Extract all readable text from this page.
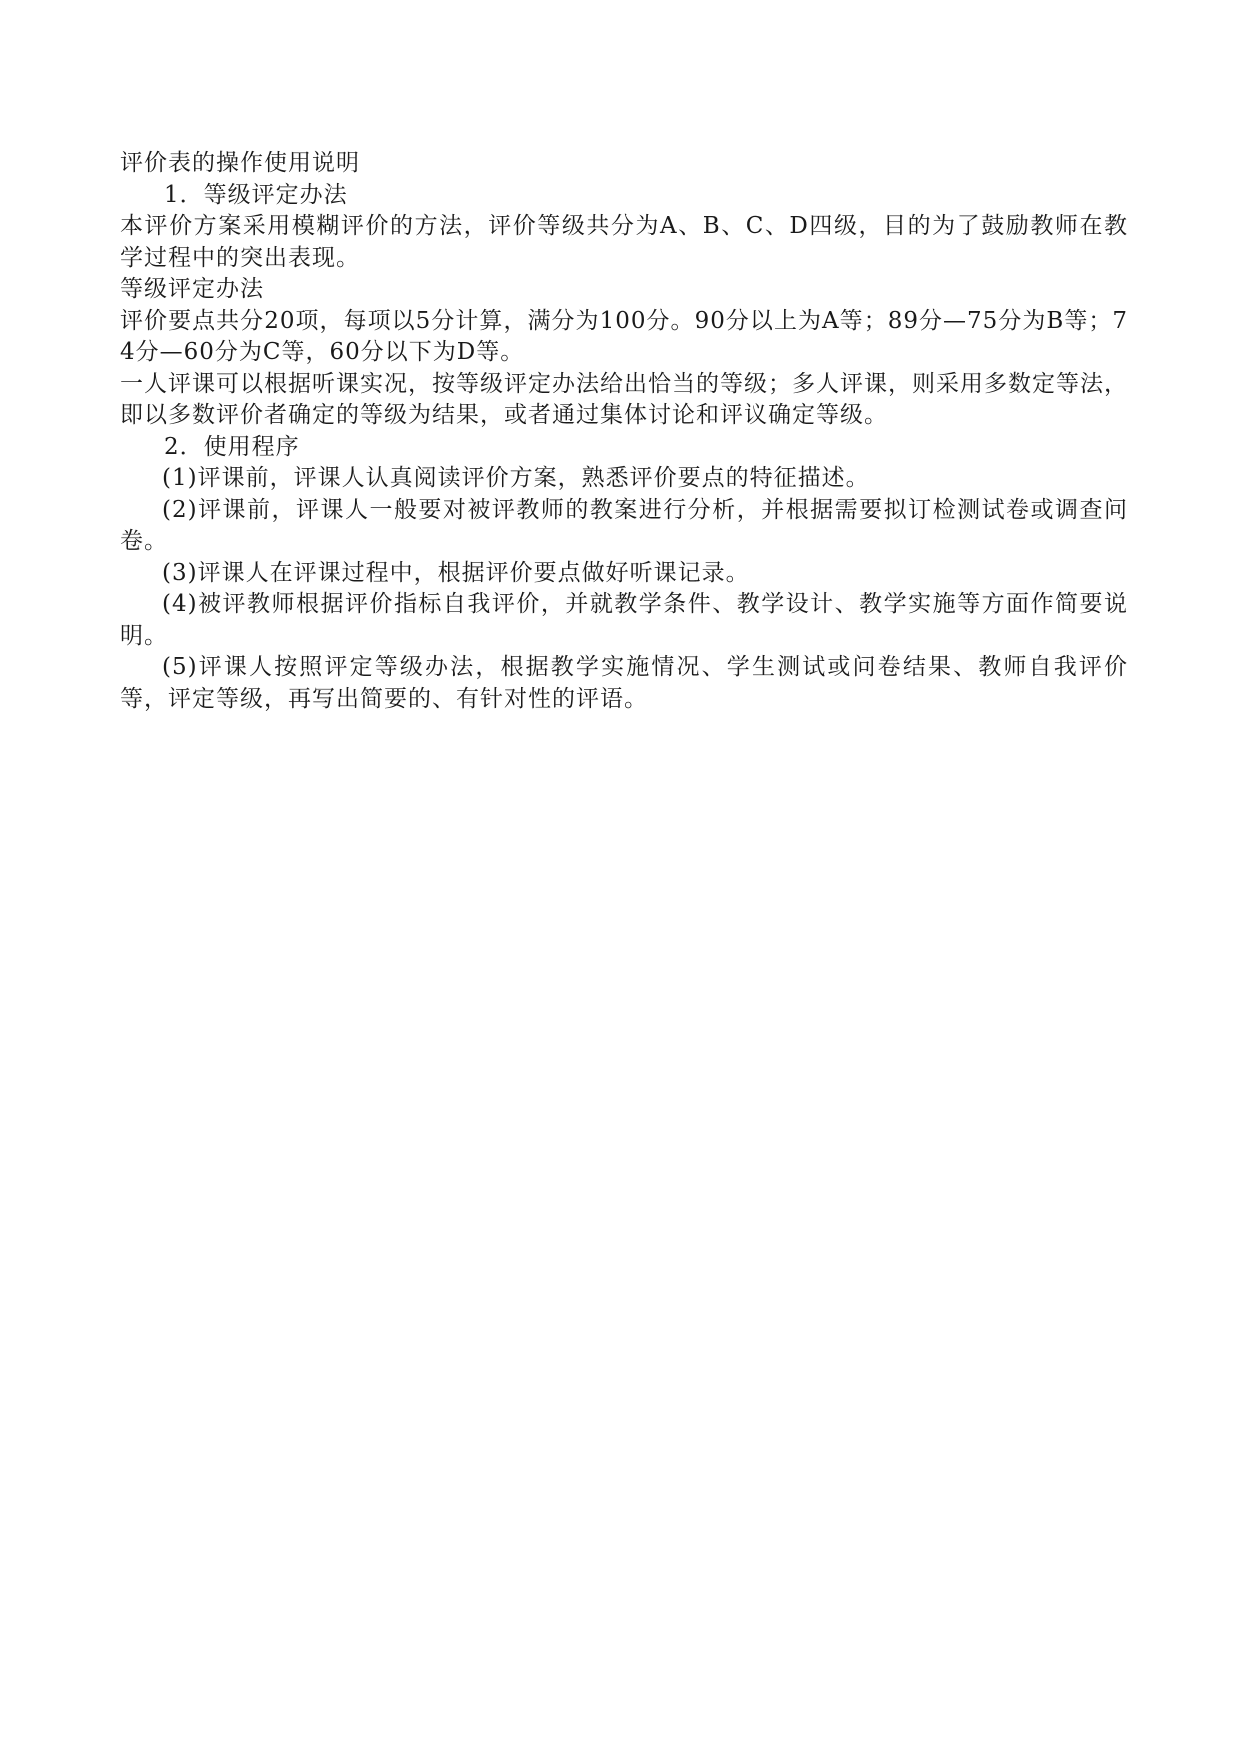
评价表的操作使用说明

1．等级评定办法

本评价方案采用模糊评价的方法，评价等级共分为A、B、C、D四级，目的为了鼓励教师在教学过程中的突出表现。

等级评定办法

评价要点共分20项，每项以5分计算，满分为100分。90分以上为A等；89分—75分为B等；74分—60分为C等，60分以下为D等。

一人评课可以根据听课实况，按等级评定办法给出恰当的等级；多人评课，则采用多数定等法，即以多数评价者确定的等级为结果，或者通过集体讨论和评议确定等级。

2．使用程序

(1)评课前，评课人认真阅读评价方案，熟悉评价要点的特征描述。

(2)评课前，评课人一般要对被评教师的教案进行分析，并根据需要拟订检测试卷或调查问卷。

(3)评课人在评课过程中，根据评价要点做好听课记录。

(4)被评教师根据评价指标自我评价，并就教学条件、教学设计、教学实施等方面作简要说明。

(5)评课人按照评定等级办法，根据教学实施情况、学生测试或问卷结果、教师自我评价等，评定等级，再写出简要的、有针对性的评语。
